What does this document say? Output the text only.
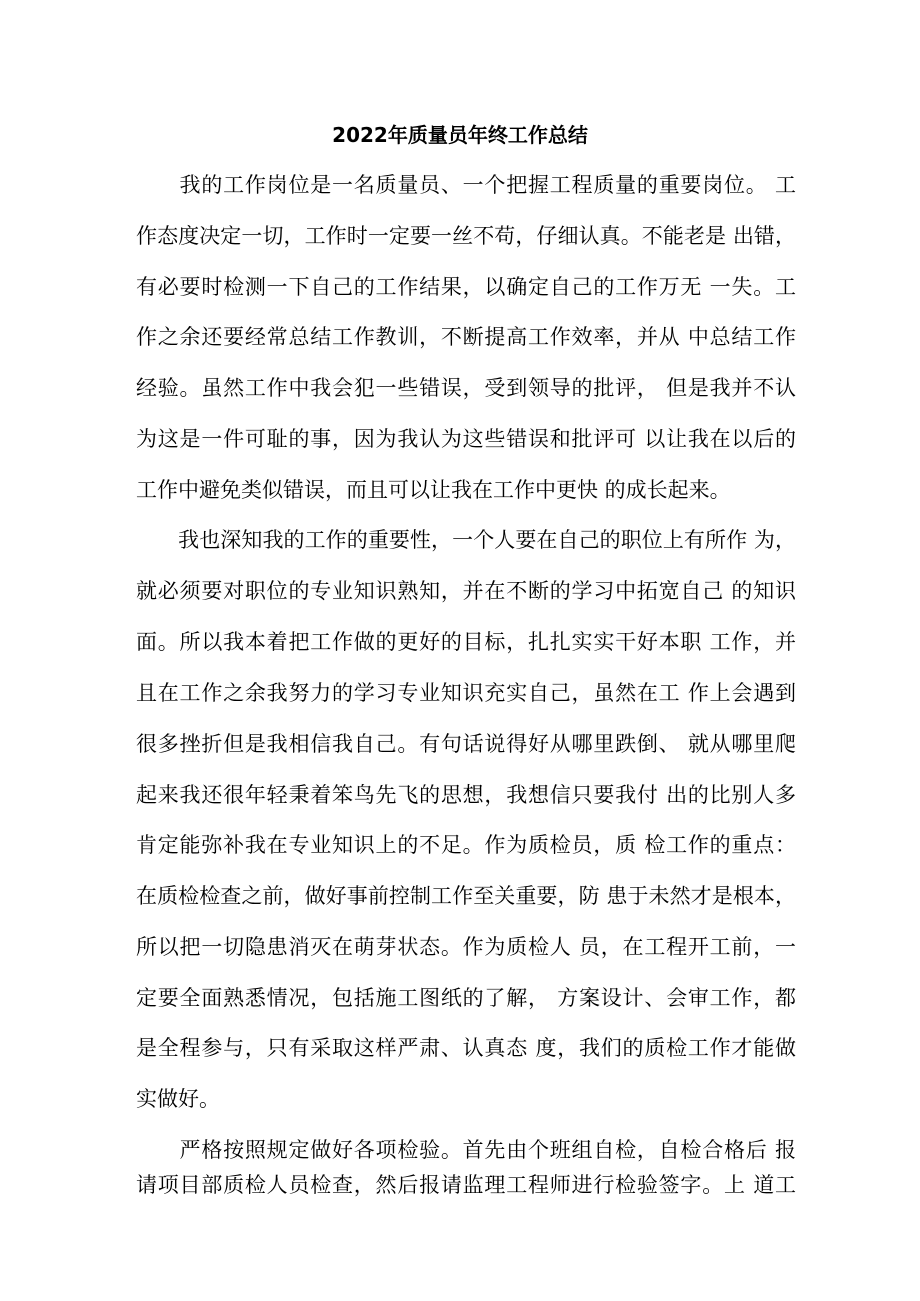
2022年质量员年终工作总结

　　我的工作岗位是一名质量员、一个把握工程质量的重要岗位。 工

作态度决定一切，工作时一定要一丝不苟，仔细认真。不能老是 出错，

有必要时检测一下自己的工作结果，以确定自己的工作万无 一失。工

作之余还要经常总结工作教训，不断提高工作效率，并从 中总结工作

经验。虽然工作中我会犯一些错误，受到领导的批评， 但是我并不认

为这是一件可耻的事，因为我认为这些错误和批评可 以让我在以后的

工作中避免类似错误，而且可以让我在工作中更快 的成长起来。

　　我也深知我的工作的重要性，一个人要在自己的职位上有所作 为，

就必须要对职位的专业知识熟知，并在不断的学习中拓宽自己 的知识

面。所以我本着把工作做的更好的目标，扎扎实实干好本职 工作，并

且在工作之余我努力的学习专业知识充实自己，虽然在工 作上会遇到

很多挫折但是我相信我自己。有句话说得好从哪里跌倒、 就从哪里爬

起来我还很年轻秉着笨鸟先飞的思想，我想信只要我付 出的比别人多

肯定能弥补我在专业知识上的不足。作为质检员，质 检工作的重点：

在质检检查之前，做好事前控制工作至关重要，防 患于未然才是根本，

所以把一切隐患消灭在萌芽状态。作为质检人 员，在工程开工前，一

定要全面熟悉情况，包括施工图纸的了解， 方案设计、会审工作，都

是全程参与，只有采取这样严肃、认真态 度，我们的质检工作才能做

实做好。

　　严格按照规定做好各项检验。首先由个班组自检，自检合格后 报

请项目部质检人员检查，然后报请监理工程师进行检验签字。上 道工
